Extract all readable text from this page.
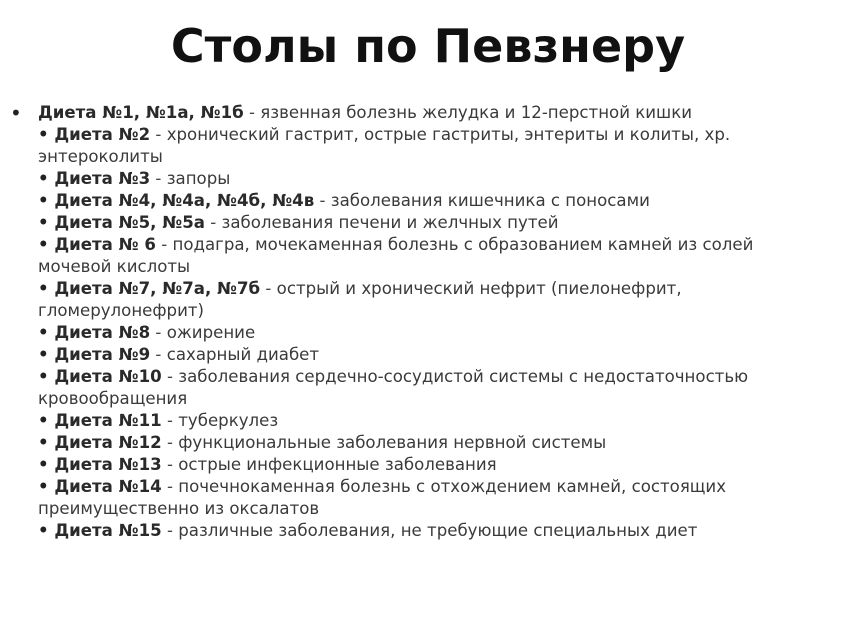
Столы по Певзнеру
• Диета №1, №1а, №1б - язвенная болезнь желудка и 12-перстной кишки
• Диета №2 - хронический гастрит, острые гастриты, энтериты и колиты, хр. энтероколиты
• Диета №3 - запоры
• Диета №4, №4а, №4б, №4в - заболевания кишечника с поносами
• Диета №5, №5а - заболевания печени и желчных путей
• Диета № 6 - подагра, мочекаменная болезнь с образованием камней из солей мочевой кислоты
• Диета №7, №7а, №7б - острый и хронический нефрит (пиелонефрит, гломерулонефрит)
• Диета №8 - ожирение
• Диета №9 - сахарный диабет
• Диета №10 - заболевания сердечно-сосудистой системы с недостаточностью кровообращения
• Диета №11 - туберкулез
• Диета №12 - функциональные заболевания нервной системы
• Диета №13 - острые инфекционные заболевания
• Диета №14 - почечнокаменная болезнь с отхождением камней, состоящих преимущественно из оксалатов
• Диета №15 - различные заболевания, не требующие специальных диет
